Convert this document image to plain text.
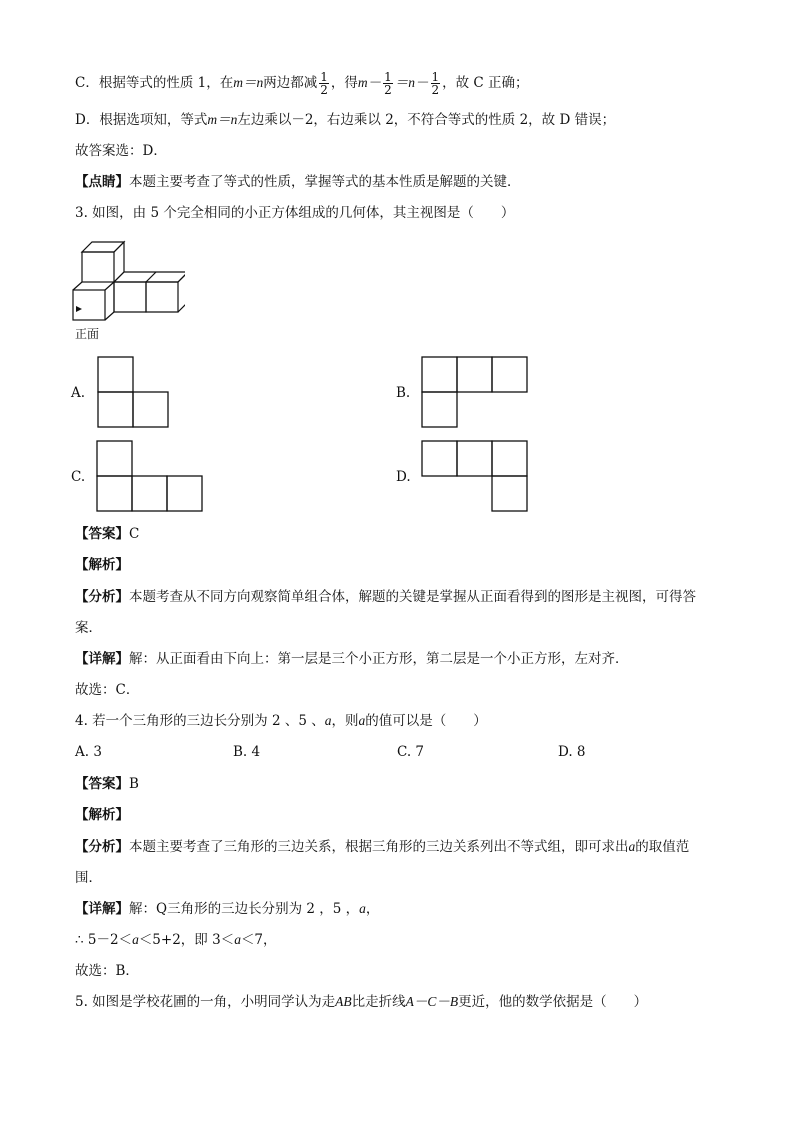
C．根据等式的性质 1，在m＝n两边都减 $\frac{1}{2}$ ，得$m- \frac{1}{2} =n- \frac{1}{2}$ ，故 C 正确；
D．根据选项知，等式m＝n左边乘以－2，右边乘以 2，不符合等式的性质 2，故 D 错误；
故答案选：D．
【点睛】本题主要考查了等式的性质，掌握等式的基本性质是解题的关键．
3. 如图，由 5 个完全相同的小正方体组成的几何体，其主视图是（　　）
正面
A.	B.
C.	D.
【答案】C
【解析】
【分析】本题考查从不同方向观察简单组合体，解题的关键是掌握从正面看得到的图形是主视图，可得答
案．
【详解】解：从正面看由下向上：第一层是三个小正方形，第二层是一个小正方形，左对齐．
故选：C．
4. 若一个三角形的三边长分别为 2 、5 、a，则a的值可以是（　　）
A. 3	B. 4	C. 7	D. 8
【答案】B
【解析】
【分析】本题主要考查了三角形的三边关系，根据三角形的三边关系列出不等式组，即可求出a的取值范
围．
【详解】解：Q三角形的三边长分别为 2 ，5 ，a，
∴ 5－2＜a＜5+2，即 3＜a＜7，
故选：B．
5. 如图是学校花圃的一角，小明同学认为走AB比走折线A－C－B更近，他的数学依据是（　　）
